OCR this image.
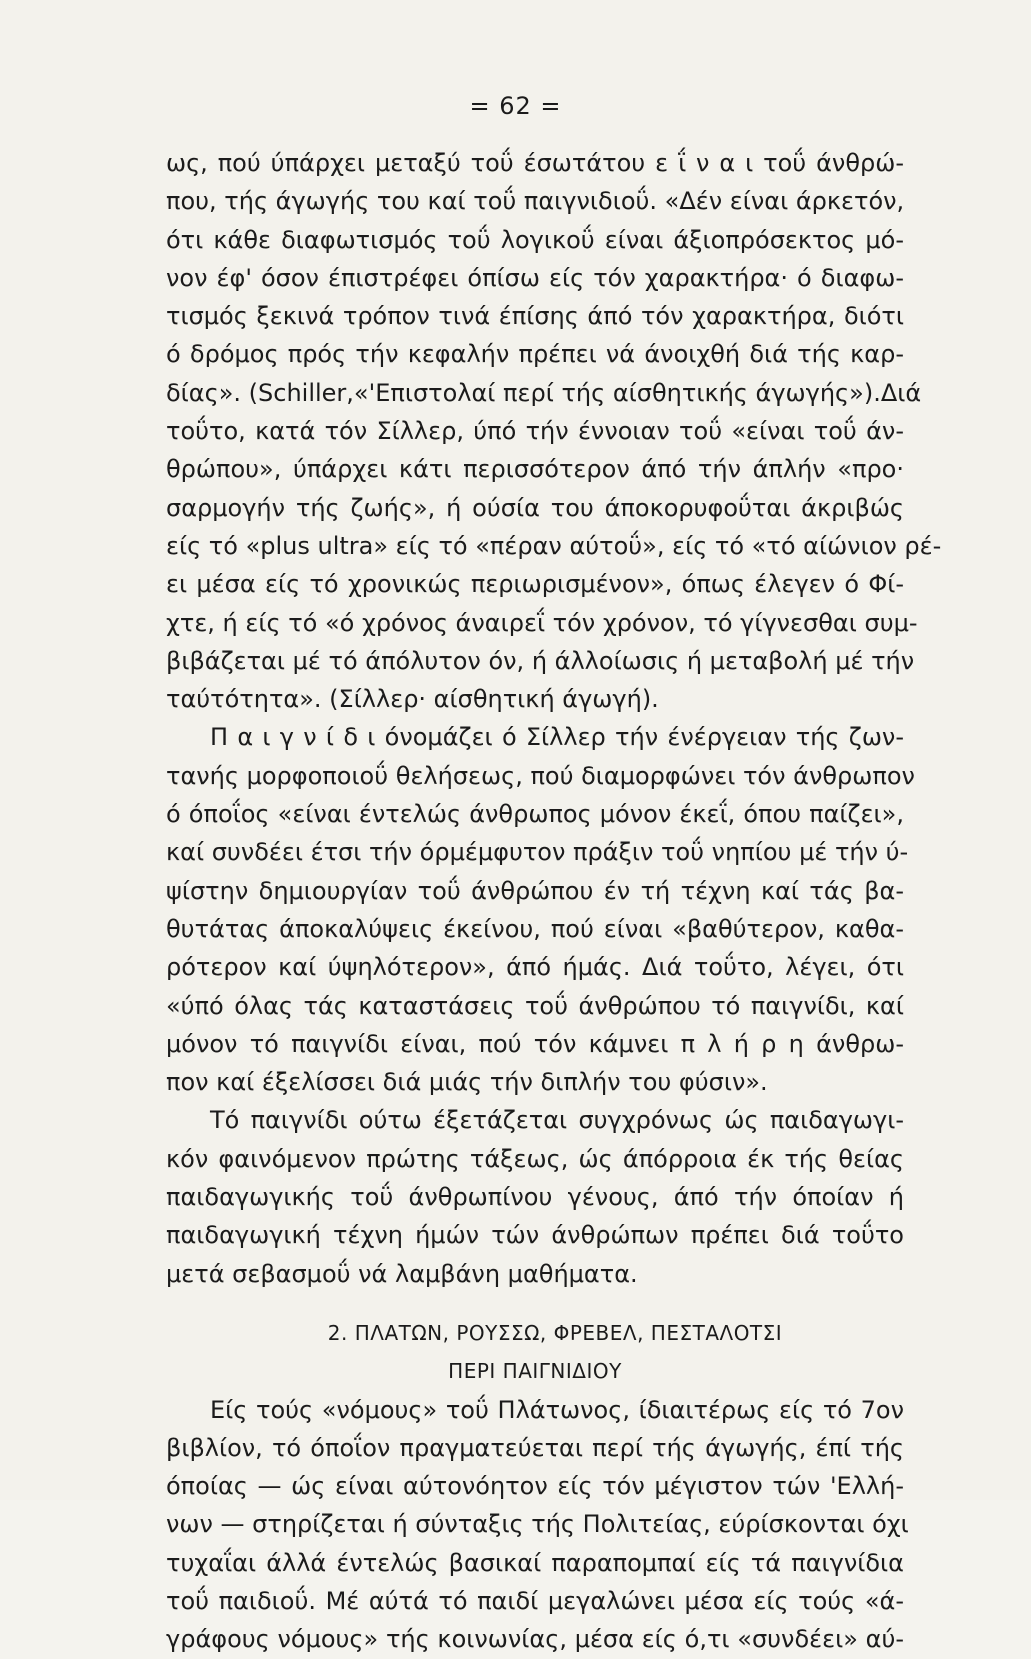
= 62 =
ως, πού ύπάρχει μεταξύ τοΰ έσωτάτου ε ΐ ν α ι τοΰ άνθρώ-
που, τής άγωγής του καί τοΰ παιγνιδιοΰ. «Δέν είναι άρκετόν,
ότι κάθε διαφωτισμός τοΰ λογικοΰ είναι άξιοπρόσεκτος μό-
νον έφ' όσον έπιστρέφει όπίσω είς τόν χαρακτήρα· ό διαφω-
τισμός ξεκινά τρόπον τινά έπίσης άπό τόν χαρακτήρα, διότι
ό δρόμος πρός τήν κεφαλήν πρέπει νά άνοιχθή διά τής καρ-
δίας». (Schiller,«'Επιστολαί περί τής αίσθητικής άγωγής»).Διά
τοΰτο, κατά τόν Σίλλερ, ύπό τήν έννοιαν τοΰ «είναι τοΰ άν-
θρώπου», ύπάρχει κάτι περισσότερον άπό τήν άπλήν «προ·
σαρμογήν τής ζωής», ή ούσία του άποκορυφοΰται άκριβώς
είς τό «plus ultra» είς τό «πέραν αύτοΰ», είς τό «τό αίώνιον ρέ-
ει μέσα είς τό χρονικώς περιωρισμένον», όπως έλεγεν ό Φί-
χτε, ή είς τό «ό χρόνος άναιρεΐ τόν χρόνον, τό γίγνεσθαι συμ-
βιβάζεται μέ τό άπόλυτον όν, ή άλλοίωσις ή μεταβολή μέ τήν
ταύτότητα». (Σίλλερ· αίσθητική άγωγή).
Π α ι γ ν ί δ ι όνομάζει ό Σίλλερ τήν ένέργειαν τής ζων-
τανής μορφοποιοΰ θελήσεως, πού διαμορφώνει τόν άνθρωπον
ό όποΐος «είναι έντελώς άνθρωπος μόνον έκεΐ, όπου παίζει»,
καί συνδέει έτσι τήν όρμέμφυτον πράξιν τοΰ νηπίου μέ τήν ύ-
ψίστην δημιουργίαν τοΰ άνθρώπου έν τή τέχνη καί τάς βα-
θυτάτας άποκαλύψεις έκείνου, πού είναι «βαθύτερον, καθα-
ρότερον καί ύψηλότερον», άπό ήμάς. Διά τοΰτο, λέγει, ότι
«ύπό όλας τάς καταστάσεις τοΰ άνθρώπου τό παιγνίδι, καί
μόνον τό παιγνίδι είναι, πού τόν κάμνει π λ ή ρ η άνθρω-
πον καί έξελίσσει διά μιάς τήν διπλήν του φύσιν».
Τό παιγνίδι ούτω έξετάζεται συγχρόνως ώς παιδαγωγι-
κόν φαινόμενον πρώτης τάξεως, ώς άπόρροια έκ τής θείας
παιδαγωγικής τοΰ άνθρωπίνου γένους, άπό τήν όποίαν ή
παιδαγωγική τέχνη ήμών τών άνθρώπων πρέπει διά τοΰτο
μετά σεβασμοΰ νά λαμβάνη μαθήματα.
2. ΠΛΑΤΩΝ, ΡΟΥΣΣΩ, ΦΡΕΒΕΛ, ΠΕΣΤΑΛΟΤΣΙ
ΠΕΡΙ ΠΑΙΓΝΙΔΙΟΥ
Είς τούς «νόμους» τοΰ Πλάτωνος, ίδιαιτέρως είς τό 7ον
βιβλίον, τό όποΐον πραγματεύεται περί τής άγωγής, έπί τής
όποίας — ώς είναι αύτονόητον είς τόν μέγιστον τών 'Ελλή-
νων — στηρίζεται ή σύνταξις τής Πολιτείας, εύρίσκονται όχι
τυχαΐαι άλλά έντελώς βασικαί παραπομπαί είς τά παιγνίδια
τοΰ παιδιοΰ. Μέ αύτά τό παιδί μεγαλώνει μέσα είς τούς «ά-
γράφους νόμους» τής κοινωνίας, μέσα είς ό,τι «συνδέει» αύ-
